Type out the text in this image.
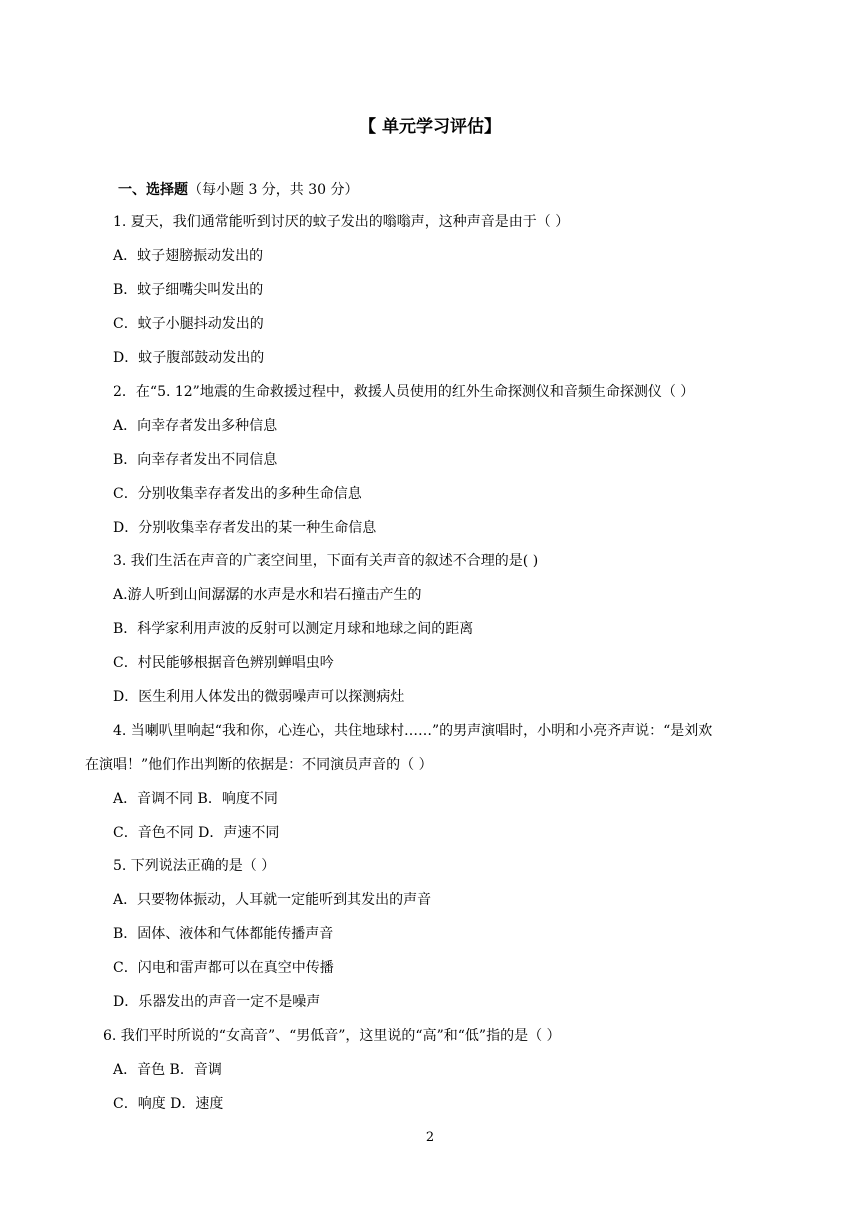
【 单元学习评估】
一、选择题（每小题 3 分，共 30 分）
1. 夏天，我们通常能听到讨厌的蚊子发出的嗡嗡声，这种声音是由于（ ）
A．蚊子翅膀振动发出的
B．蚊子细嘴尖叫发出的
C．蚊子小腿抖动发出的
D．蚊子腹部鼓动发出的
2．在“5. 12”地震的生命救援过程中，救援人员使用的红外生命探测仪和音频生命探测仪（ ）
A．向幸存者发出多种信息
B．向幸存者发出不同信息
C．分别收集幸存者发出的多种生命信息
D．分别收集幸存者发出的某一种生命信息
3. 我们生活在声音的广袤空间里，下面有关声音的叙述不合理的是( )
A.游人听到山间潺潺的水声是水和岩石撞击产生的
B．科学家利用声波的反射可以测定月球和地球之间的距离
C．村民能够根据音色辨别蝉唱虫吟
D．医生利用人体发出的微弱噪声可以探测病灶
4. 当喇叭里响起“我和你，心连心，共住地球村……”的男声演唱时，小明和小亮齐声说：“是刘欢
在演唱！”他们作出判断的依据是：不同演员声音的（ ）
A．音调不同 B．响度不同
C．音色不同 D．声速不同
5. 下列说法正确的是（ ）
A．只要物体振动，人耳就一定能听到其发出的声音
B．固体、液体和气体都能传播声音
C．闪电和雷声都可以在真空中传播
D．乐器发出的声音一定不是噪声
6. 我们平时所说的“女高音”、“男低音”，这里说的“高”和“低”指的是（ ）
A．音色 B．音调
C．响度 D．速度
2
